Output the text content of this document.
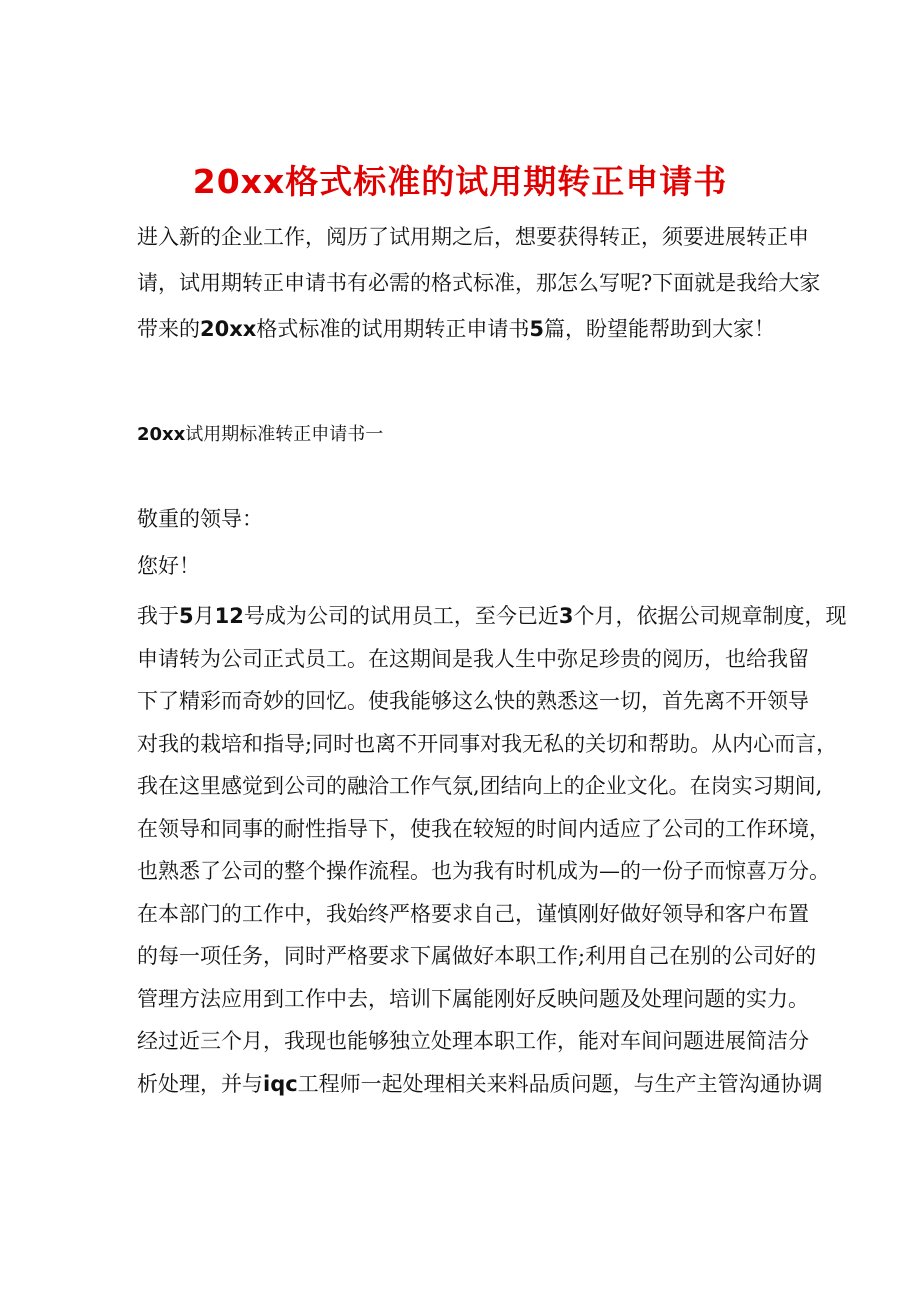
20xx格式标准的试用期转正申请书

进入新的企业工作，阅历了试用期之后，想要获得转正，须要进展转正申

请，试用期转正申请书有必需的格式标准，那怎么写呢?下面就是我给大家

带来的20xx格式标准的试用期转正申请书5篇，盼望能帮助到大家！

20xx试用期标准转正申请书一
敬重的领导：
您好！

我于5月12号成为公司的试用员工，至今已近3个月，依据公司规章制度，现

申请转为公司正式员工。在这期间是我人生中弥足珍贵的阅历，也给我留

下了精彩而奇妙的回忆。使我能够这么快的熟悉这一切，首先离不开领导

对我的栽培和指导;同时也离不开同事对我无私的关切和帮助。从内心而言，

我在这里感觉到公司的融洽工作气氛,团结向上的企业文化。在岗实习期间,

在领导和同事的耐性指导下，使我在较短的时间内适应了公司的工作环境，

也熟悉了公司的整个操作流程。也为我有时机成为—的一份子而惊喜万分。

在本部门的工作中，我始终严格要求自己，谨慎刚好做好领导和客户布置

的每一项任务，同时严格要求下属做好本职工作;利用自己在别的公司好的

管理方法应用到工作中去，培训下属能刚好反映问题及处理问题的实力。

经过近三个月，我现也能够独立处理本职工作，能对车间问题进展简洁分

析处理，并与iqc工程师一起处理相关来料品质问题，与生产主管沟通协调
